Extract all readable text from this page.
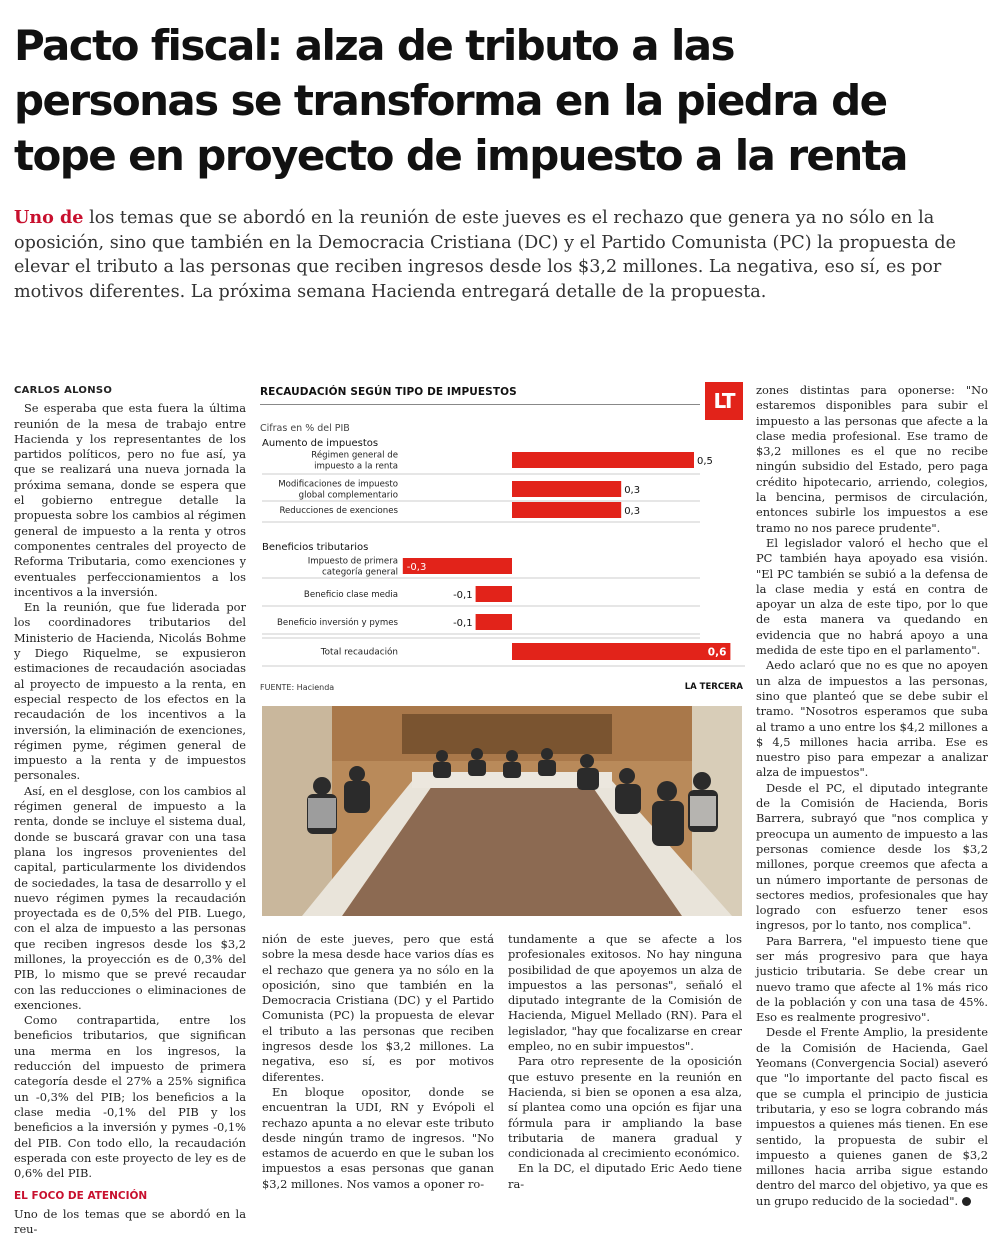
Pacto fiscal: alza de tributo a las
personas se transforma en la piedra de
tope en proyecto de impuesto a la renta
Uno de los temas que se abordó en la reunión de este jueves es el rechazo que genera ya no sólo en la oposición, sino que también en la Democracia Cristiana (DC) y el Partido Comunista (PC) la propuesta de elevar el tributo a las personas que reciben ingresos desde los $3,2 millones. La negativa, eso sí, es por motivos diferentes. La próxima semana Hacienda entregará detalle de la propuesta.
CARLOS ALONSO

Se esperaba que esta fuera la última reunión de la mesa de trabajo entre Hacienda y los representantes de los partidos políticos, pero no fue así, ya que se realizará una nueva jornada la próxima semana, donde se espera que el gobierno entregue detalle la propuesta sobre los cambios al régimen general de impuesto a la renta y otros componentes centrales del proyecto de Reforma Tributaria, como exenciones y eventuales perfeccionamientos a los incentivos a la inversión.

En la reunión, que fue liderada por los coordinadores tributarios del Ministerio de Hacienda, Nicolás Bohme y Diego Riquelme, se expusieron estimaciones de recaudación asociadas al proyecto de impuesto a la renta, en especial respecto de los efectos en la recaudación de los incentivos a la inversión, la eliminación de exenciones, régimen pyme, régimen general de impuesto a la renta y de impuestos personales.

Así, en el desglose, con los cambios al régimen general de impuesto a la renta, donde se incluye el sistema dual, donde se buscará gravar con una tasa plana los ingresos provenientes del capital, particularmente los dividendos de sociedades, la tasa de desarrollo y el nuevo régimen pymes la recaudación proyectada es de 0,5% del PIB. Luego, con el alza de impuesto a las personas que reciben ingresos desde los $3,2 millones, la proyección es de 0,3% del PIB, lo mismo que se prevé recaudar con las reducciones o eliminaciones de exenciones.

Como contrapartida, entre los beneficios tributarios, que significan una merma en los ingresos, la reducción del impuesto de primera categoría desde el 27% a 25% significa un -0,3% del PIB; los beneficios a la clase media -0,1% del PIB y los beneficios a la inversión y pymes -0,1% del PIB. Con todo ello, la recaudación esperada con este proyecto de ley es de 0,6% del PIB.

EL FOCO DE ATENCIÓN

Uno de los temas que se abordó en la reu-

RECAUDACIÓN SEGÚN TIPO DE IMPUESTOS	LT
Cifras en % del PIB
Aumento de impuestos
Régimen general de
impuesto a la renta	0,5
Modificaciones de impuesto
global complementario	0,3
Reducciones de exenciones	0,3
Beneficios tributarios
Impuesto de primera
categoría general -0,3
Beneficio clase media	-0,1
Beneficio inversión y pymes	-0,1
Total recaudación	0,6
FUENTE: Hacienda	LA TERCERA

nión de este jueves, pero que está sobre la mesa desde hace varios días es el rechazo que genera ya no sólo en la oposición, sino que también en la Democracia Cristiana (DC) y el Partido Comunista (PC) la propuesta de elevar el tributo a las personas que reciben ingresos desde los $3,2 millones. La negativa, eso sí, es por motivos diferentes.

En bloque opositor, donde se encuentran la UDI, RN y Evópoli el rechazo apunta a no elevar este tributo desde ningún tramo de ingresos. "No estamos de acuerdo en que le suban los impuestos a esas personas que ganan $3,2 millones. Nos vamos a oponer ro-

tundamente a que se afecte a los profesionales exitosos. No hay ninguna posibilidad de que apoyemos un alza de impuestos a las personas", señaló el diputado integrante de la Comisión de Hacienda, Miguel Mellado (RN). Para el legislador, "hay que focalizarse en crear empleo, no en subir impuestos".

Para otro represente de la oposición que estuvo presente en la reunión en Hacienda, si bien se oponen a esa alza, sí plantea como una opción es fijar una fórmula para ir ampliando la base tributaria de manera gradual y condicionada al crecimiento económico.

En la DC, el diputado Eric Aedo tiene ra-

zones distintas para oponerse: "No estaremos disponibles para subir el impuesto a las personas que afecte a la clase media profesional. Ese tramo de $3,2 millones es el que no recibe ningún subsidio del Estado, pero paga crédito hipotecario, arriendo, colegios, la bencina, permisos de circulación, entonces subirle los impuestos a ese tramo no nos parece prudente".

El legislador valoró el hecho que el PC también haya apoyado esa visión. "El PC también se subió a la defensa de la clase media y está en contra de apoyar un alza de este tipo, por lo que de esta manera va quedando en evidencia que no habrá apoyo a una medida de este tipo en el parlamento".

Aedo aclaró que no es que no apoyen un alza de impuestos a las personas, sino que planteó que se debe subir el tramo. "Nosotros esperamos que suba al tramo a uno entre los $4,2 millones a $ 4,5 millones hacia arriba. Ese es nuestro piso para empezar a analizar alza de impuestos".

Desde el PC, el diputado integrante de la Comisión de Hacienda, Boris Barrera, subrayó que "nos complica y preocupa un aumento de impuesto a las personas comience desde los $3,2 millones, porque creemos que afecta a un número importante de personas de sectores medios, profesionales que hay logrado con esfuerzo tener esos ingresos, por lo tanto, nos complica".

Para Barrera, "el impuesto tiene que ser más progresivo para que haya justicio tributaria. Se debe crear un nuevo tramo que afecte al 1% más rico de la población y con una tasa de 45%. Eso es realmente progresivo".

Desde el Frente Amplio, la presidente de la Comisión de Hacienda, Gael Yeomans (Convergencia Social) aseveró que "lo importante del pacto fiscal es que se cumpla el principio de justicia tributaria, y eso se logra cobrando más impuestos a quienes más tienen. En ese sentido, la propuesta de subir el impuesto a quienes ganen de $3,2 millones hacia arriba sigue estando dentro del marco del objetivo, ya que es un grupo reducido de la sociedad". P
